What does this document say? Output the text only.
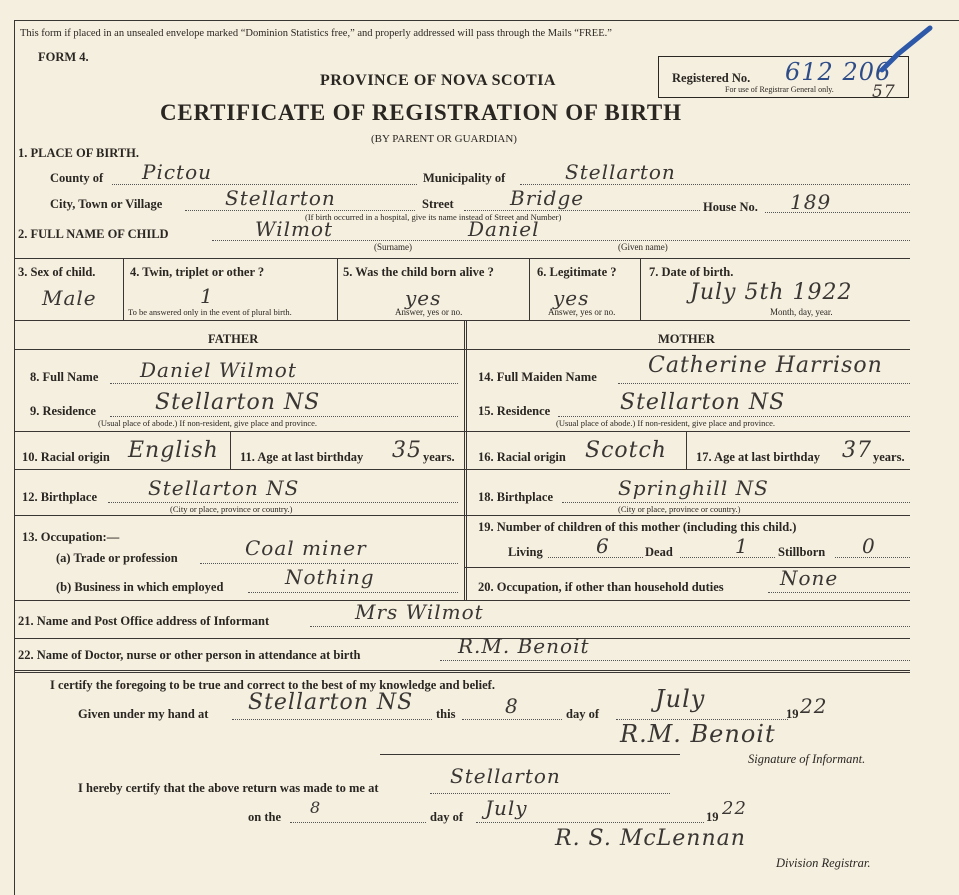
This form if placed in an unsealed envelope marked “Dominion Statistics free,” and properly addressed will pass through the Mails “FREE.”
FORM 4.
PROVINCE OF NOVA SCOTIA
CERTIFICATE OF REGISTRATION OF BIRTH
(BY PARENT OR GUARDIAN)
Registered No. 612 206
For use of Registrar General only. 57
1. PLACE OF BIRTH.
County of Pictou	Municipality of	Stellarton
City, Town or Village	Stellarton	Street	Bridge	House No. 189
(If birth occurred in a hospital, give its name instead of Street and Number)
2. FULL NAME OF CHILD	Wilmot	Daniel
(Surname)	(Given name)
3. Sex of child.
Male
4. Twin, triplet or other ?
1
To be answered only in the event of plural birth.
5. Was the child born alive ?
yes
Answer, yes or no.
6. Legitimate ?
yes
Answer, yes or no.
7. Date of birth.
July 5th 1922
Month, day, year.
FATHER	MOTHER
8. Full Name Daniel Wilmot
9. Residence	Stellarton NS
(Usual place of abode.) If non-resident, give place and province.
10. Racial origin English 11. Age at last birthday 35 years.
12. Birthplace	Stellarton NS
(City or place, province or country.)
13. Occupation:—
(a) Trade or profession	Coal miner
(b) Business in which employed	Nothing
14. Full Maiden Name Catherine Harrison
15. Residence	Stellarton NS
(Usual place of abode.) If non-resident, give place and province.
16. Racial origin Scotch 17. Age at last birthday 37 years.
18. Birthplace	Springhill NS
(City or place, province or country.)
19. Number of children of this mother (including this child.)
Living	6	Dead	1 Stillborn 0
20. Occupation, if other than household duties	None
21. Name and Post Office address of Informant	Mrs Wilmot
22. Name of Doctor, nurse or other person in attendance at birth	R.M. Benoit
I certify the foregoing to be true and correct to the best of my knowledge and belief.
Given under my hand at Stellarton NS this 8	day of
July
19 22
R.M. Benoit
Signature of Informant.
I hereby certify that the above return was made to me at	Stellarton
on the 8	day of July	19 22
R. S. McLennan
Division Registrar.
